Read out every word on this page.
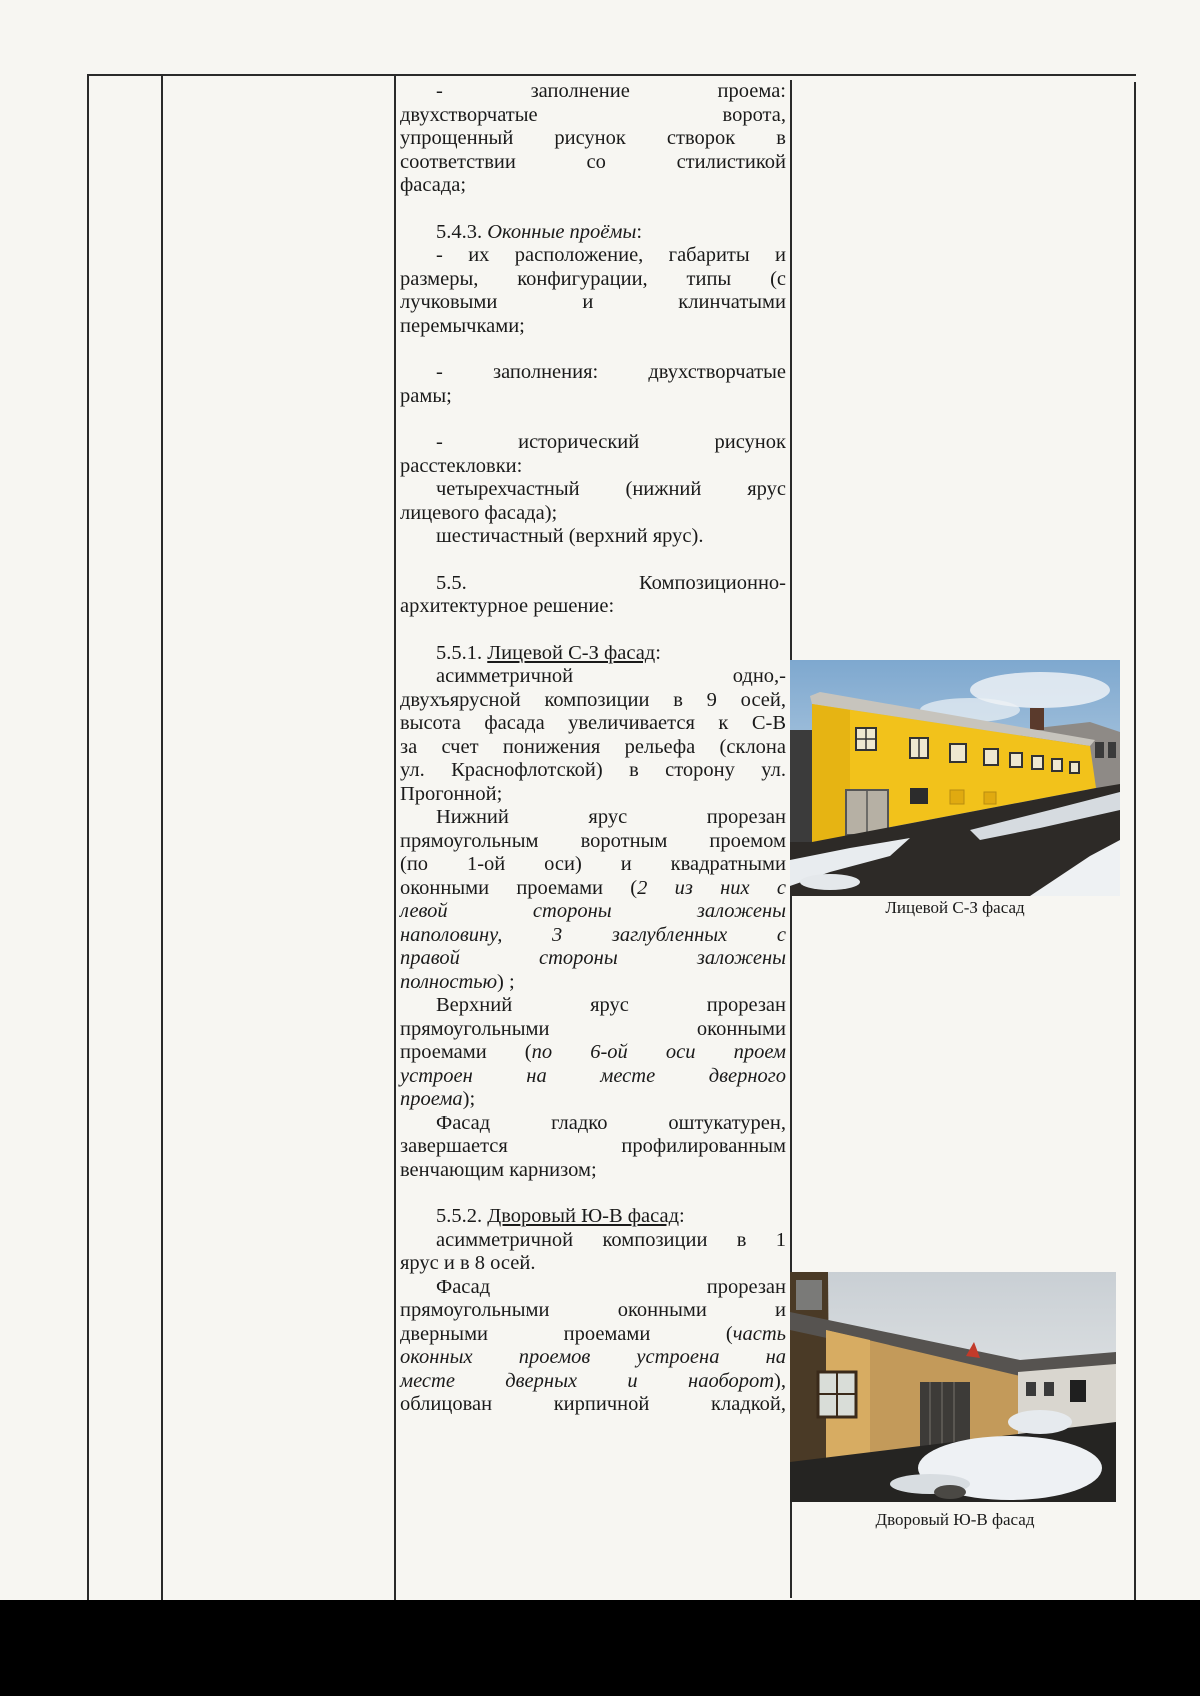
- заполнение проема:

двухстворчатые ворота,

упрощенный рисунок створок в

соответствии со стилистикой

фасада;

5.4.3. Оконные проёмы:

- их расположение, габариты и

размеры, конфигурации, типы (с

лучковыми и клинчатыми

перемычками;

- заполнения: двухстворчатые

рамы;

- исторический рисунок

расстекловки:

четырехчастный (нижний ярус

лицевого фасада);

шестичастный (верхний ярус).

5.5. Композиционно-

архитектурное решение:

5.5.1. Лицевой С-З фасад:

асимметричной одно,-

двухъярусной композиции в 9 осей,

высота фасада увеличивается к С-В

за счет понижения рельефа (склона

ул. Краснофлотской) в сторону ул.

Прогонной;

Нижний ярус прорезан

прямоугольным воротным проемом

(по 1-ой оси) и квадратными

оконными проемами (2 из них с

левой стороны заложены

наполовину, 3 заглубленных с

правой стороны заложены

полностью) ;

Верхний ярус прорезан

прямоугольными оконными

проемами (по 6-ой оси проем

устроен на месте дверного

проема);

Фасад гладко оштукатурен,

завершается профилированным

венчающим карнизом;

5.5.2. Дворовый Ю-В фасад:

асимметричной композиции в 1

ярус и в 8 осей.

Фасад прорезан

прямоугольными оконными и

дверными проемами (часть

оконных проемов устроена на

месте дверных и наоборот),

облицован кирпичной кладкой,

Лицевой С-З фасад
Дворовый Ю-В фасад
